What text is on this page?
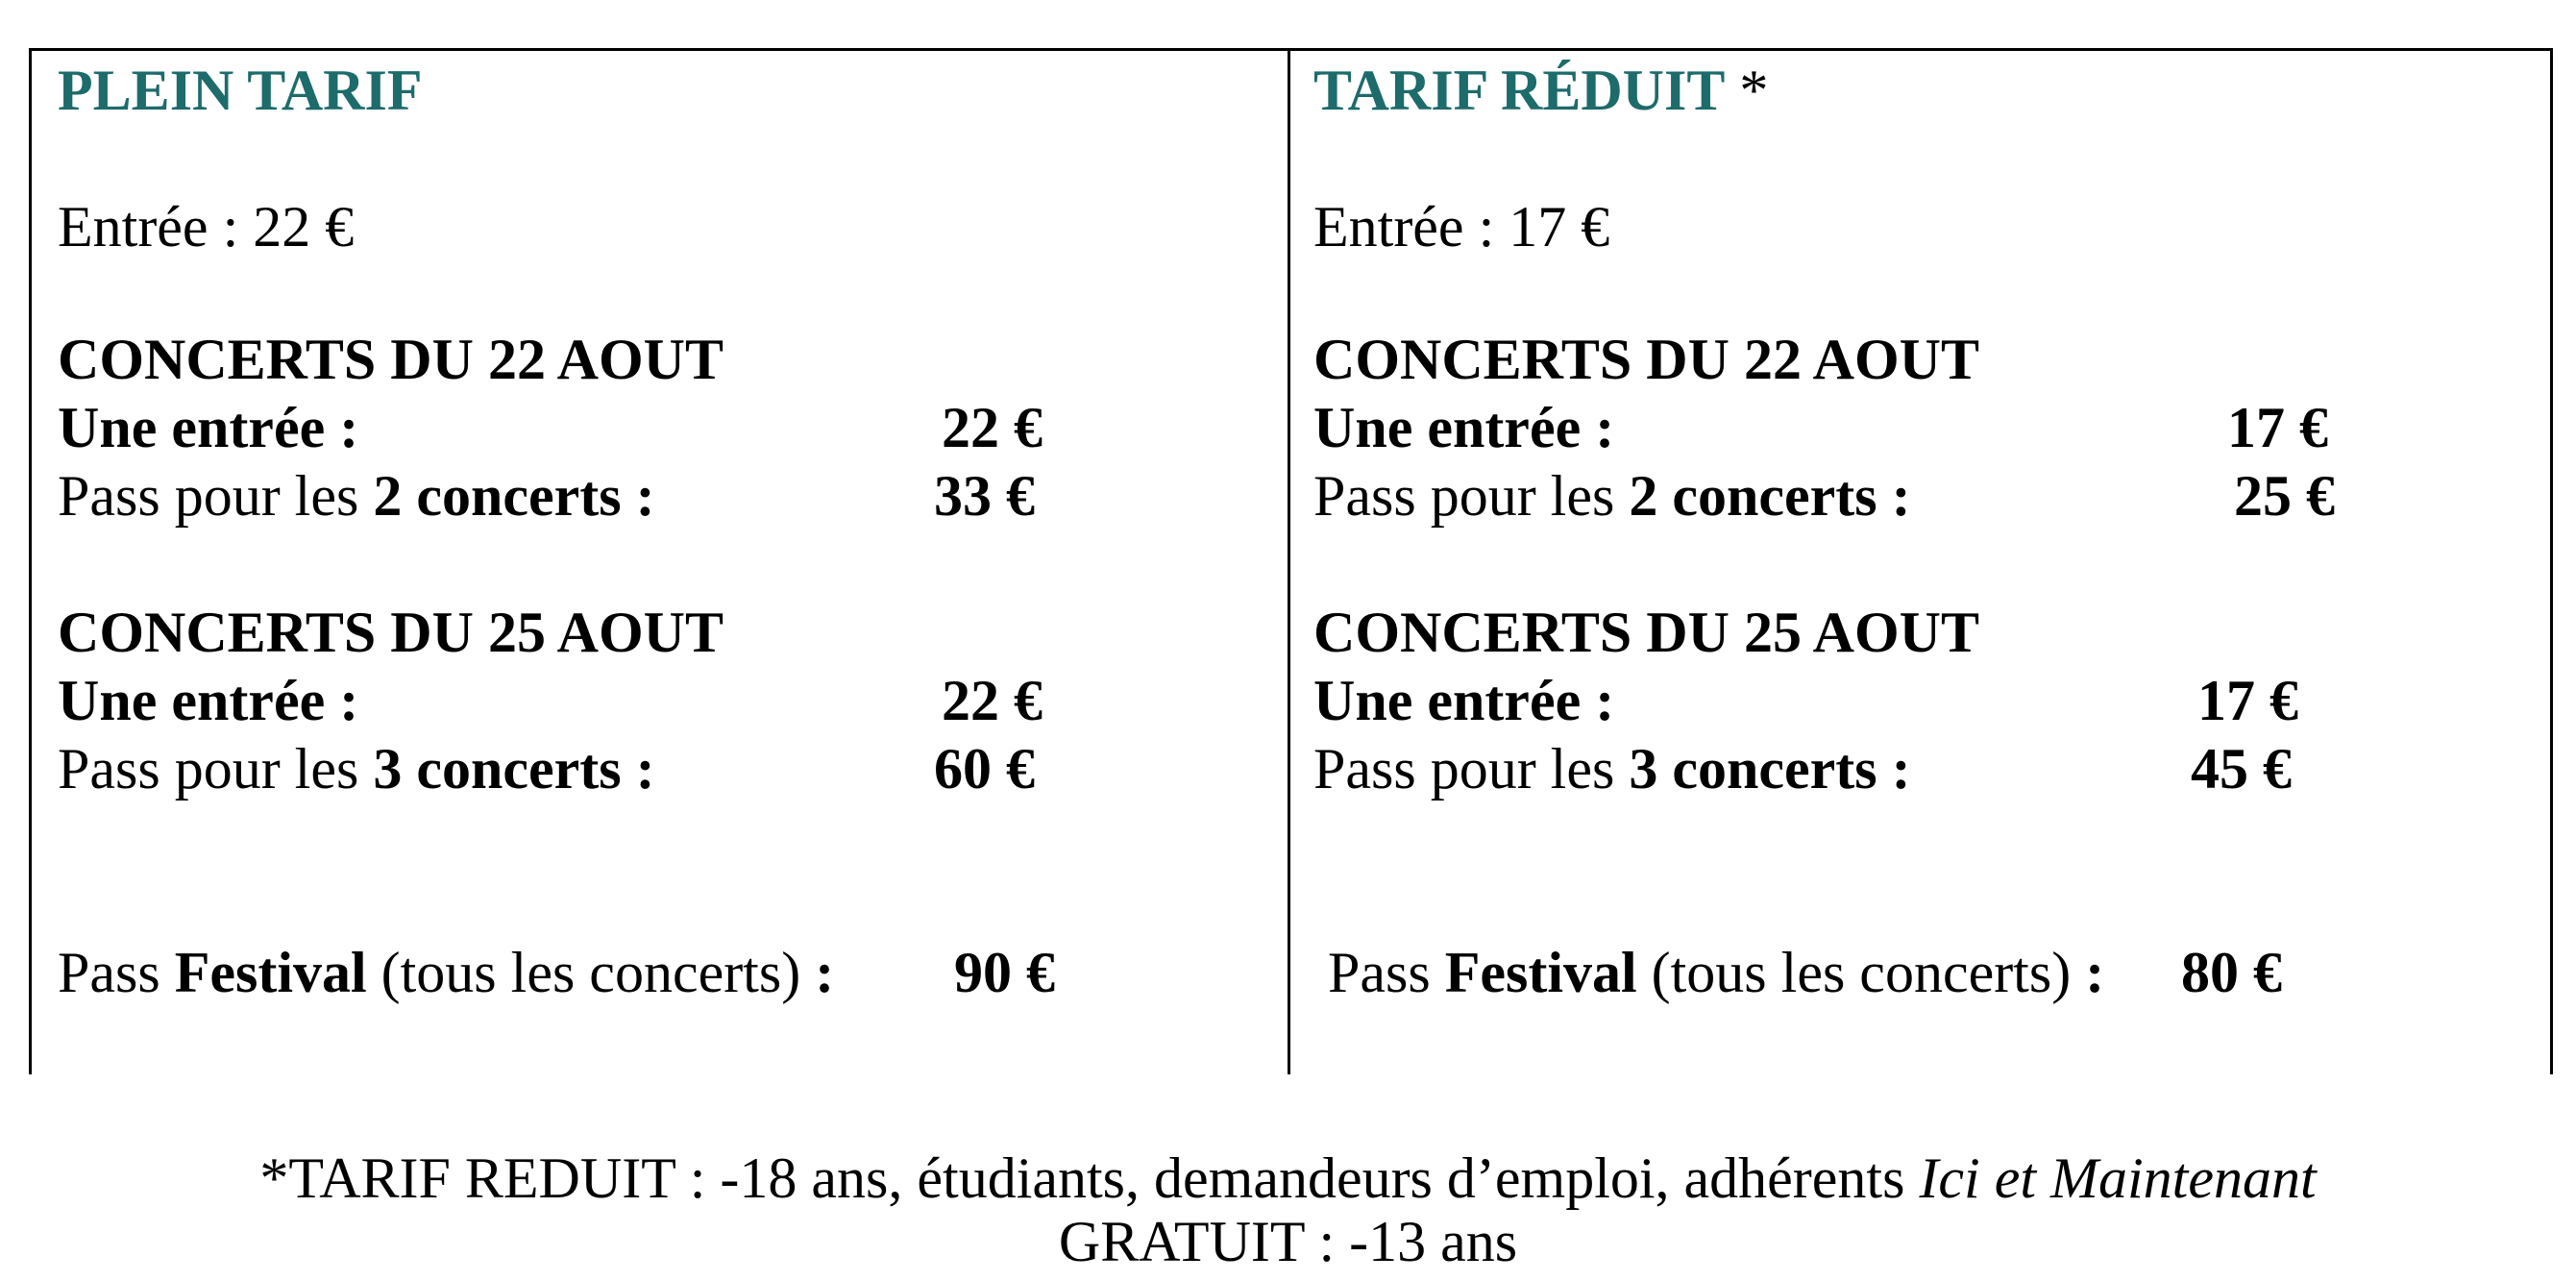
PLEIN TARIF
Entrée : 22 €
CONCERTS DU 22 AOUT
Une entrée :	22 €
Pass pour les 2 concerts :	33 €
CONCERTS DU 25 AOUT
Une entrée :	22 €
Pass pour les 3 concerts :	60 €
Pass Festival (tous les concerts) : 90 €
TARIF RÉDUIT *
Entrée : 17 €
CONCERTS DU 22 AOUT
Une entrée :	17 €
Pass pour les 2 concerts :	25 €
CONCERTS DU 25 AOUT
Une entrée :	17 €
Pass pour les 3 concerts :	45 €
Pass Festival (tous les concerts) : 80 €
*TARIF REDUIT : -18 ans, étudiants, demandeurs d’emploi, adhérents Ici et Maintenant
GRATUIT : -13 ans
